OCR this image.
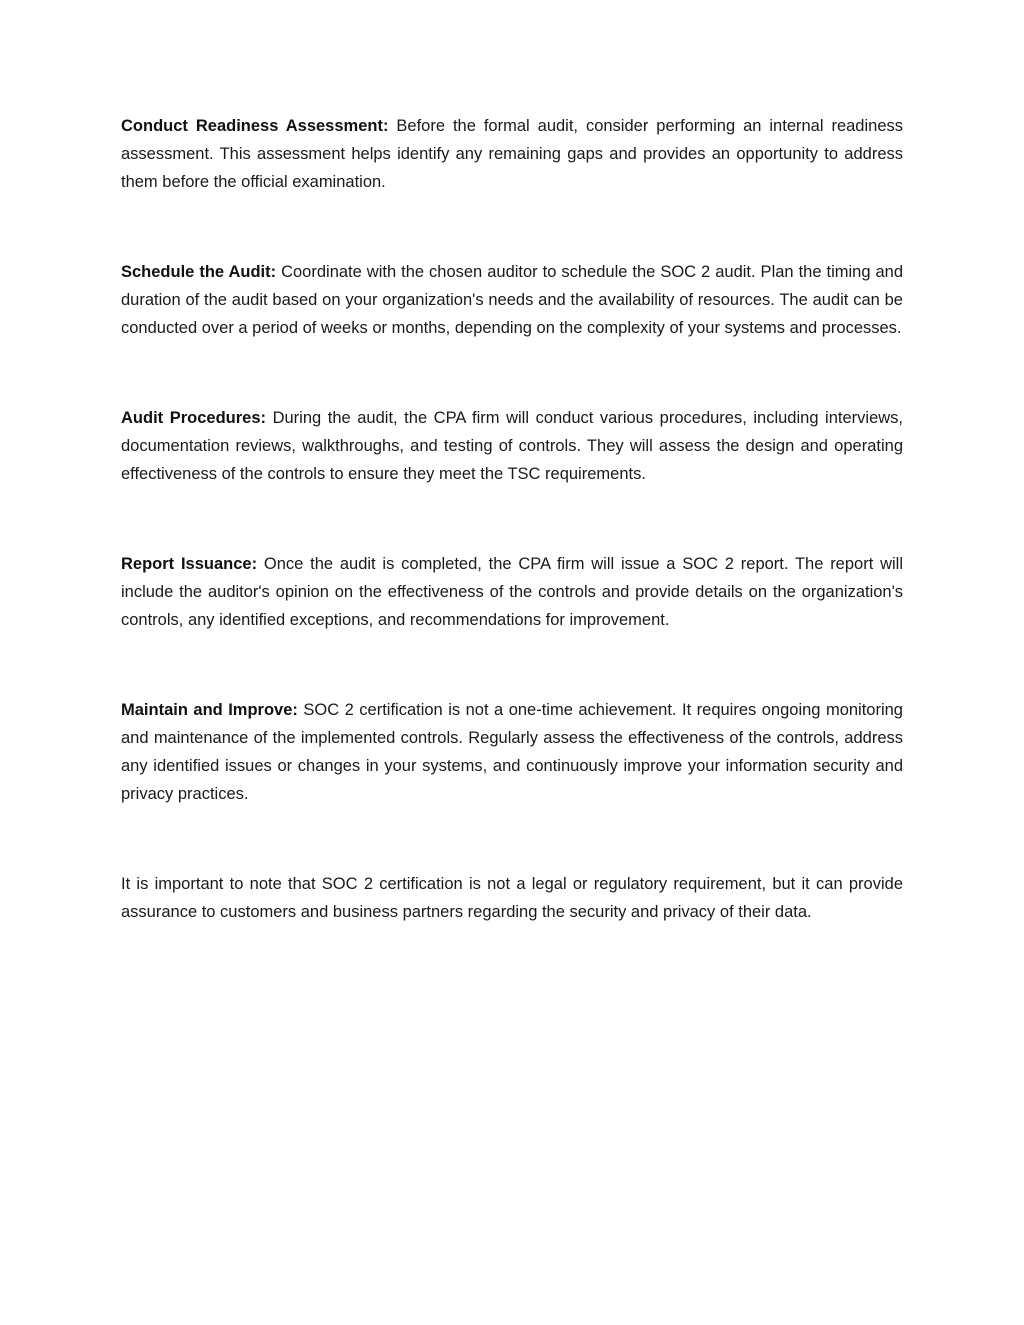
Conduct Readiness Assessment: Before the formal audit, consider performing an internal readiness assessment. This assessment helps identify any remaining gaps and provides an opportunity to address them before the official examination.

Schedule the Audit: Coordinate with the chosen auditor to schedule the SOC 2 audit. Plan the timing and duration of the audit based on your organization's needs and the availability of resources. The audit can be conducted over a period of weeks or months, depending on the complexity of your systems and processes.

Audit Procedures: During the audit, the CPA firm will conduct various procedures, including interviews, documentation reviews, walkthroughs, and testing of controls. They will assess the design and operating effectiveness of the controls to ensure they meet the TSC requirements.

Report Issuance: Once the audit is completed, the CPA firm will issue a SOC 2 report. The report will include the auditor's opinion on the effectiveness of the controls and provide details on the organization's controls, any identified exceptions, and recommendations for improvement.

Maintain and Improve: SOC 2 certification is not a one-time achievement. It requires ongoing monitoring and maintenance of the implemented controls. Regularly assess the effectiveness of the controls, address any identified issues or changes in your systems, and continuously improve your information security and privacy practices.

It is important to note that SOC 2 certification is not a legal or regulatory requirement, but it can provide assurance to customers and business partners regarding the security and privacy of their data.
